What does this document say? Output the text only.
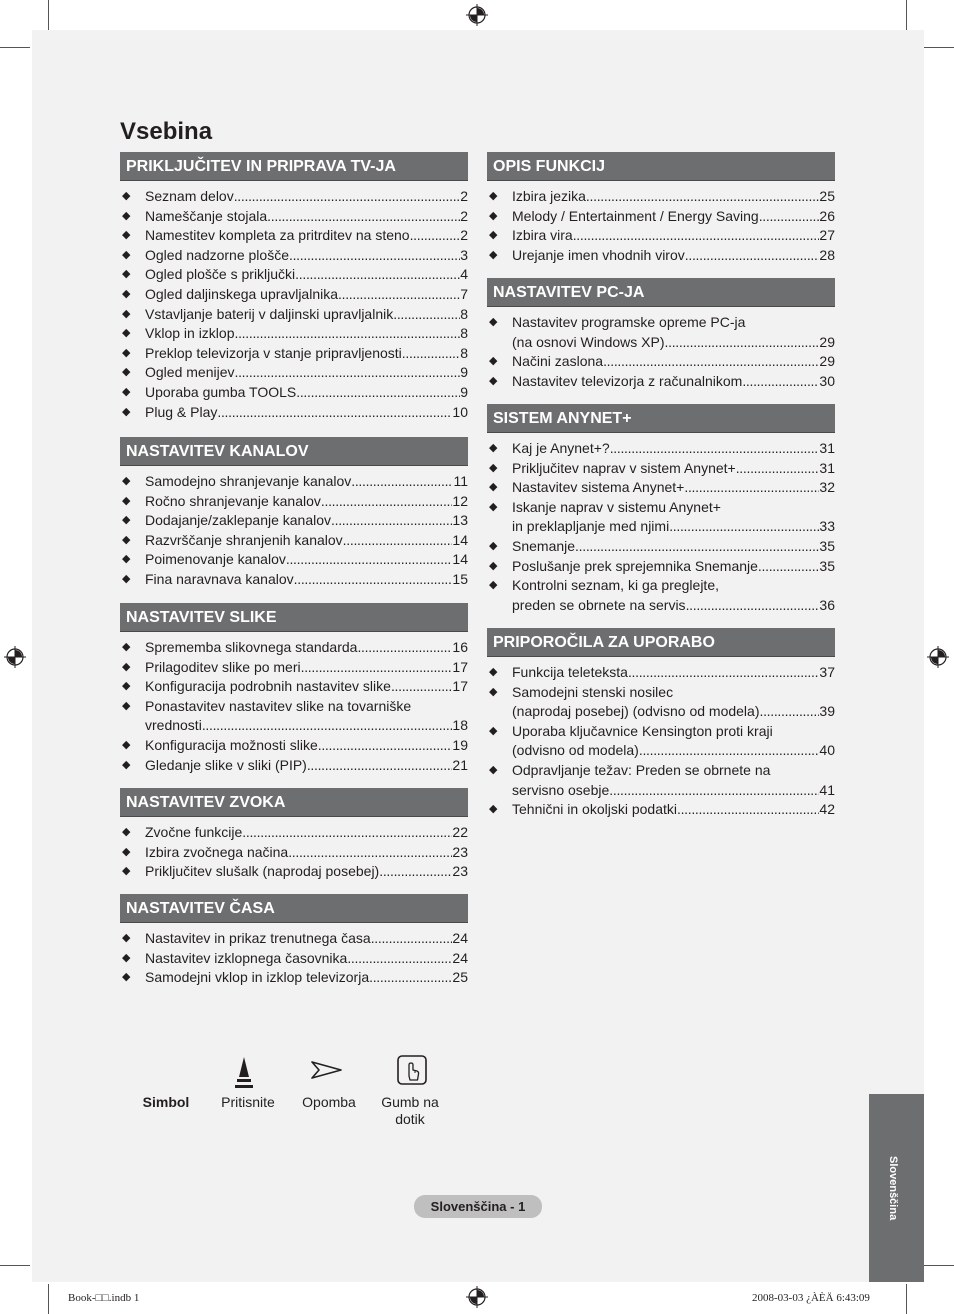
Vsebina
PRIKLJUČITEV IN PRIPRAVA TV-JA
◆	Seznam delov .....	2
◆	Nameščanje stojala .....	2
◆	Namestitev kompleta za pritrditev na steno .....	2
◆	Ogled nadzorne plošče .....	3
◆	Ogled plošče s priključki .....	4
◆	Ogled daljinskega upravljalnika .....	7
◆	Vstavljanje baterij v daljinski upravljalnik .....	8
◆	Vklop in izklop .....	8
◆	Preklop televizorja v stanje pripravljenosti .....	8
◆	Ogled menijev .....	9
◆	Uporaba gumba TOOLS .....	9
◆	Plug & Play .....	10
NASTAVITEV KANALOV
◆	Samodejno shranjevanje kanalov .....	11
◆	Ročno shranjevanje kanalov .....	12
◆	Dodajanje/zaklepanje kanalov .....	13
◆	Razvrščanje shranjenih kanalov .....	14
◆	Poimenovanje kanalov .....	14
◆	Fina naravnava kanalov .....	15
NASTAVITEV SLIKE
◆	Sprememba slikovnega standarda .....	16
◆	Prilagoditev slike po meri .....	17
◆	Konfiguracija podrobnih nastavitev slike .....	17
◆	Ponastavitev nastavitev slike na tovarniške
vrednosti .....	18
◆	Konfiguracija možnosti slike .....	19
◆	Gledanje slike v sliki (PIP) .....	21
NASTAVITEV ZVOKA
◆	Zvočne funkcije .....	22
◆	Izbira zvočnega načina .....	23
◆	Priključitev slušalk (naprodaj posebej) .....	23
NASTAVITEV ČASA
◆	Nastavitev in prikaz trenutnega časa .....	24
◆	Nastavitev izklopnega časovnika .....	24
◆	Samodejni vklop in izklop televizorja .....	25
OPIS FUNKCIJ
◆	Izbira jezika .....	25
◆	Melody / Entertainment / Energy Saving .....	26
◆	Izbira vira .....	27
◆	Urejanje imen vhodnih virov .....	28
NASTAVITEV PC-JA
◆	Nastavitev programske opreme PC-ja
(na osnovi Windows XP) .....	29
◆	Načini zaslona .....	29
◆	Nastavitev televizorja z računalnikom .....	30
SISTEM ANYNET+
◆	Kaj je Anynet+? .....	31
◆	Priključitev naprav v sistem Anynet+ .....	31
◆	Nastavitev sistema Anynet+ .....	32
◆	Iskanje naprav v sistemu Anynet+
in preklapljanje med njimi .....	33
◆	Snemanje .....	35
◆	Poslušanje prek sprejemnika Snemanje .....	35
◆	Kontrolni seznam, ki ga preglejte,
preden se obrnete na servis .....	36
PRIPOROČILA ZA UPORABO
◆	Funkcija teleteksta .....	37
◆	Samodejni stenski nosilec
(naprodaj posebej) (odvisno od modela) .....	39
◆	Uporaba ključavnice Kensington proti kraji
(odvisno od modela) .....	40
◆	Odpravljanje težav: Preden se obrnete na
servisno osebje .....	41
◆	Tehnični in okoljski podatki .....	42
Simbol	Pritisnite	Opomba	Gumb na
dotik
Slovenščina
Slovenščina - 1
Book-□□.indb 1	2008-03-03 ¿ÀÈÄ 6:43:09
